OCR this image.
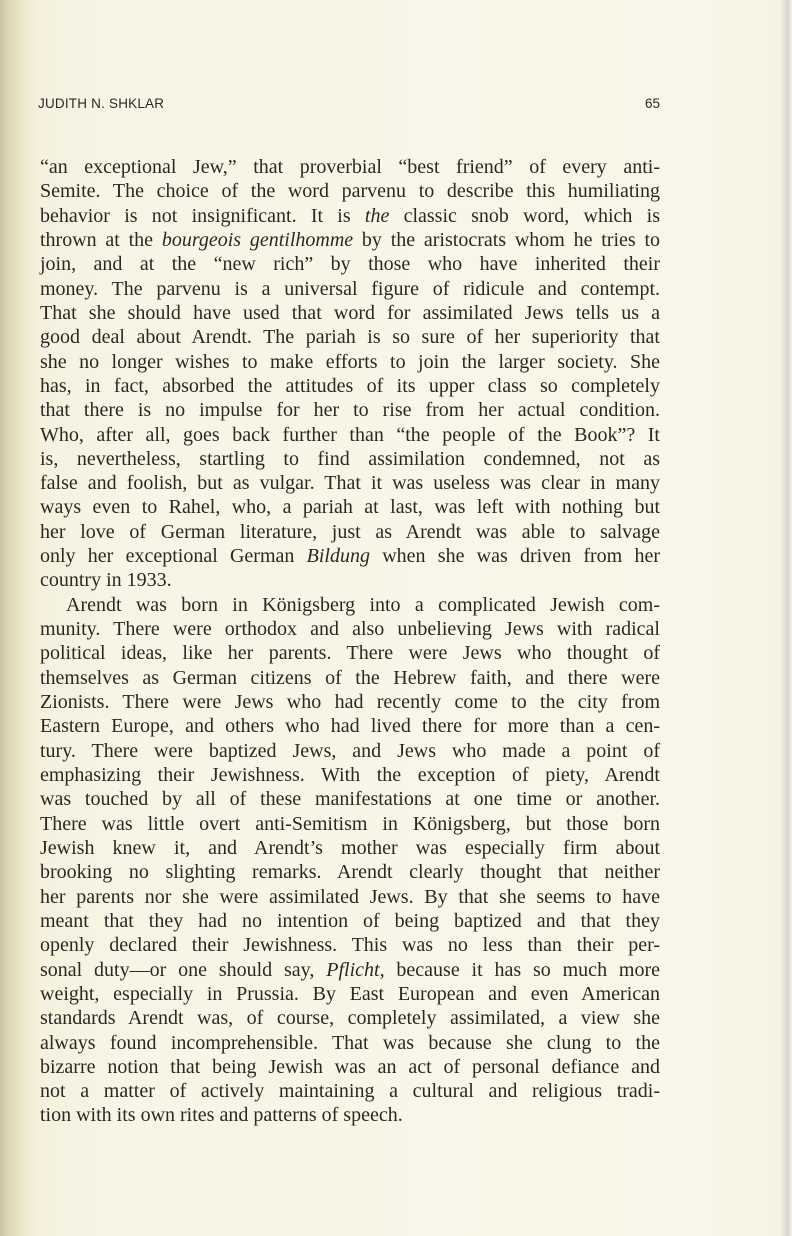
JUDITH N. SHKLAR	65
“an exceptional Jew,” that proverbial “best friend” of every anti-
Semite. The choice of the word parvenu to describe this humiliating
behavior is not insignificant. It is the classic snob word, which is
thrown at the bourgeois gentilhomme by the aristocrats whom he tries to
join, and at the “new rich” by those who have inherited their
money. The parvenu is a universal figure of ridicule and contempt.
That she should have used that word for assimilated Jews tells us a
good deal about Arendt. The pariah is so sure of her superiority that
she no longer wishes to make efforts to join the larger society. She
has, in fact, absorbed the attitudes of its upper class so completely
that there is no impulse for her to rise from her actual condition.
Who, after all, goes back further than “the people of the Book”? It
is, nevertheless, startling to find assimilation condemned, not as
false and foolish, but as vulgar. That it was useless was clear in many
ways even to Rahel, who, a pariah at last, was left with nothing but
her love of German literature, just as Arendt was able to salvage
only her exceptional German Bildung when she was driven from her
country in 1933.
Arendt was born in Königsberg into a complicated Jewish com-
munity. There were orthodox and also unbelieving Jews with radical
political ideas, like her parents. There were Jews who thought of
themselves as German citizens of the Hebrew faith, and there were
Zionists. There were Jews who had recently come to the city from
Eastern Europe, and others who had lived there for more than a cen-
tury. There were baptized Jews, and Jews who made a point of
emphasizing their Jewishness. With the exception of piety, Arendt
was touched by all of these manifestations at one time or another.
There was little overt anti-Semitism in Königsberg, but those born
Jewish knew it, and Arendt’s mother was especially firm about
brooking no slighting remarks. Arendt clearly thought that neither
her parents nor she were assimilated Jews. By that she seems to have
meant that they had no intention of being baptized and that they
openly declared their Jewishness. This was no less than their per-
sonal duty—or one should say, Pflicht, because it has so much more
weight, especially in Prussia. By East European and even American
standards Arendt was, of course, completely assimilated, a view she
always found incomprehensible. That was because she clung to the
bizarre notion that being Jewish was an act of personal defiance and
not a matter of actively maintaining a cultural and religious tradi-
tion with its own rites and patterns of speech.
